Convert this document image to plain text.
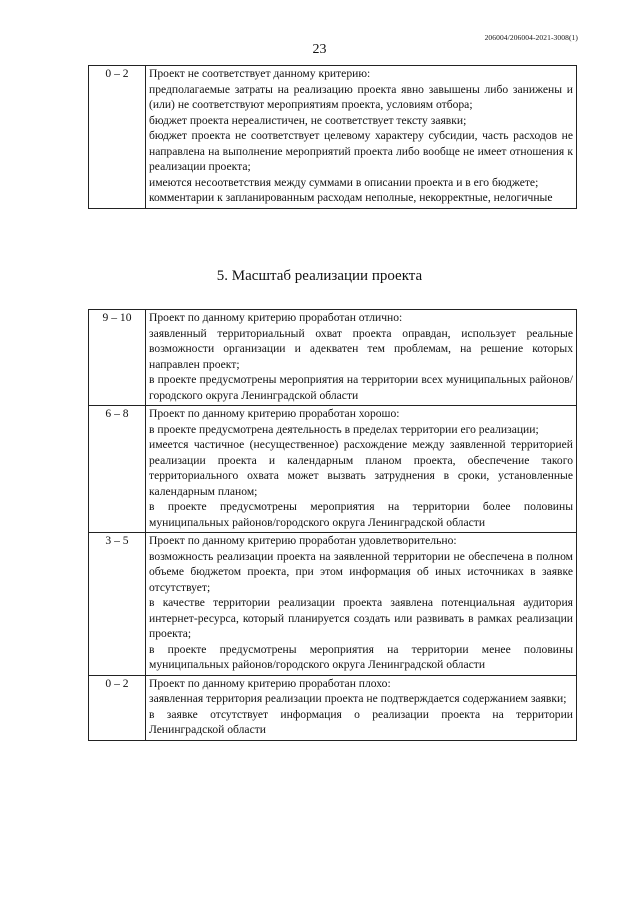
206004/206004-2021-3008(1)
23
0 – 2	Проект не соответствует данному критерию:
предполагаемые затраты на реализацию проекта явно завышены либо занижены и (или) не соответствуют мероприятиям проекта, условиям отбора;
бюджет проекта нереалистичен, не соответствует тексту заявки;
бюджет проекта не соответствует целевому характеру субсидии, часть расходов не направлена на выполнение мероприятий проекта либо вообще не имеет отношения к реализации проекта;
имеются несоответствия между суммами в описании проекта и в его бюджете;
комментарии к запланированным расходам неполные, некорректные, нелогичные
5. Масштаб реализации проекта
9 – 10	Проект по данному критерию проработан отлично:
заявленный территориальный охват проекта оправдан, использует реальные возможности организации и адекватен тем проблемам, на решение которых направлен проект;
в проекте предусмотрены мероприятия на территории всех муниципальных районов/городского округа Ленинградской области

6 – 8	Проект по данному критерию проработан хорошо:
в проекте предусмотрена деятельность в пределах территории его реализации;
имеется частичное (несущественное) расхождение между заявленной территорией реализации проекта и календарным планом проекта, обеспечение такого территориального охвата может вызвать затруднения в сроки, установленные календарным планом;
в проекте предусмотрены мероприятия на территории более половины муниципальных районов/городского округа Ленинградской области

3 – 5	Проект по данному критерию проработан удовлетворительно:
возможность реализации проекта на заявленной территории не обеспечена в полном объеме бюджетом проекта, при этом информация об иных источниках в заявке отсутствует;
в качестве территории реализации проекта заявлена потенциальная аудитория интернет-ресурса, который планируется создать или развивать в рамках реализации проекта;
в проекте предусмотрены мероприятия на территории менее половины муниципальных районов/городского округа Ленинградской области

0 – 2	Проект по данному критерию проработан плохо:
заявленная территория реализации проекта не подтверждается содержанием заявки;
в заявке отсутствует информация о реализации проекта на территории Ленинградской области
